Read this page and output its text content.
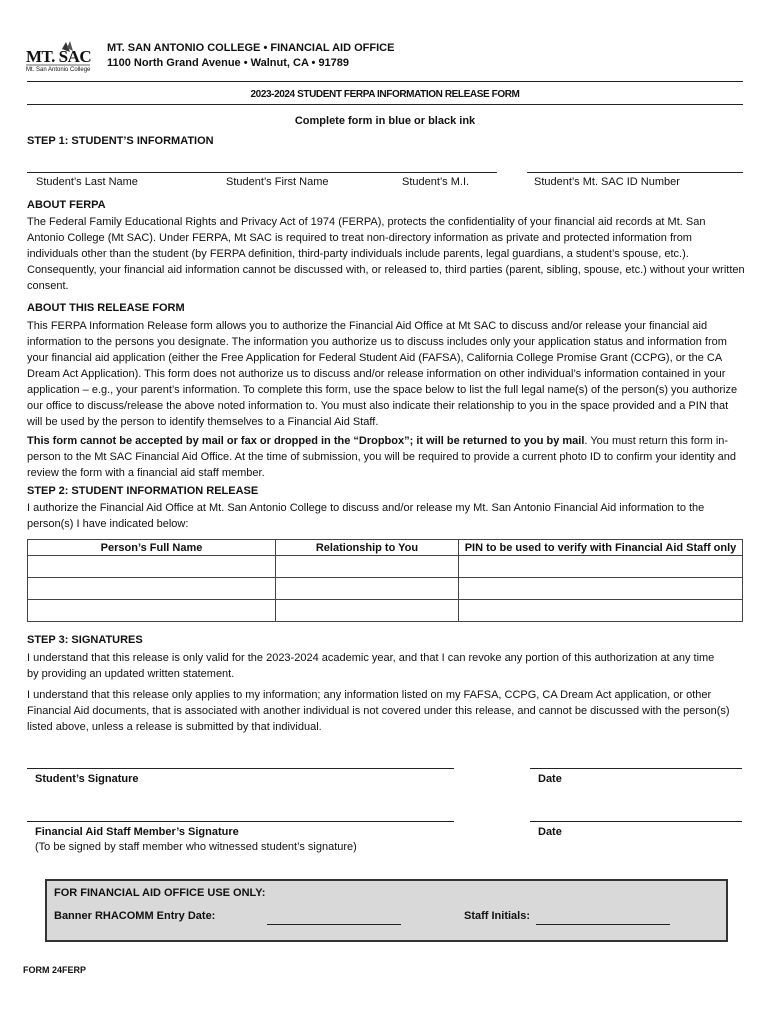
MT. SAC
Mt. San Antonio College
MT. SAN ANTONIO COLLEGE • FINANCIAL AID OFFICE
1100 North Grand Avenue • Walnut, CA • 91789
2023-2024 STUDENT FERPA INFORMATION RELEASE FORM
Complete form in blue or black ink
STEP 1: STUDENT’S INFORMATION
Student’s Last Name	Student’s First Name	Student’s M.I.	Student’s Mt. SAC ID Number
ABOUT FERPA

The Federal Family Educational Rights and Privacy Act of 1974 (FERPA), protects the confidentiality of your financial aid records at Mt. San Antonio College (Mt SAC). Under FERPA, Mt SAC is required to treat non-directory information as private and protected information from individuals other than the student (by FERPA definition, third-party individuals include parents, legal guardians, a student’s spouse, etc.). Consequently, your financial aid information cannot be discussed with, or released to, third parties (parent, sibling, spouse, etc.) without your written consent.

ABOUT THIS RELEASE FORM

This FERPA Information Release form allows you to authorize the Financial Aid Office at Mt SAC to discuss and/or release your financial aid information to the persons you designate. The information you authorize us to discuss includes only your application status and information from your financial aid application (either the Free Application for Federal Student Aid (FAFSA), California College Promise Grant (CCPG), or the CA Dream Act Application). This form does not authorize us to discuss and/or release information on other individual’s information contained in your application – e.g., your parent’s information. To complete this form, use the space below to list the full legal name(s) of the person(s) you authorize our office to discuss/release the above noted information to. You must also indicate their relationship to you in the space provided and a PIN that will be used by the person to identify themselves to a Financial Aid Staff.

This form cannot be accepted by mail or fax or dropped in the “Dropbox”; it will be returned to you by mail. You must return this form in-person to the Mt SAC Financial Aid Office. At the time of submission, you will be required to provide a current photo ID to confirm your identity and review the form with a financial aid staff member.

STEP 2: STUDENT INFORMATION RELEASE

I authorize the Financial Aid Office at Mt. San Antonio College to discuss and/or release my Mt. San Antonio Financial Aid information to the person(s) I have indicated below:

Person’s Full Name	Relationship to You	PIN to be used to verify with Financial Aid Staff only

STEP 3: SIGNATURES

I understand that this release is only valid for the 2023-2024 academic year, and that I can revoke any portion of this authorization at any time by providing an updated written statement.

I understand that this release only applies to my information; any information listed on my FAFSA, CCPG, CA Dream Act application, or other Financial Aid documents, that is associated with another individual is not covered under this release, and cannot be discussed with the person(s) listed above, unless a release is submitted by that individual.

Student’s Signature	Date
Financial Aid Staff Member’s Signature	Date
(To be signed by staff member who witnessed student’s signature)
FOR FINANCIAL AID OFFICE USE ONLY:
Banner RHACOMM Entry Date:	Staff Initials:
FORM 24FERP
